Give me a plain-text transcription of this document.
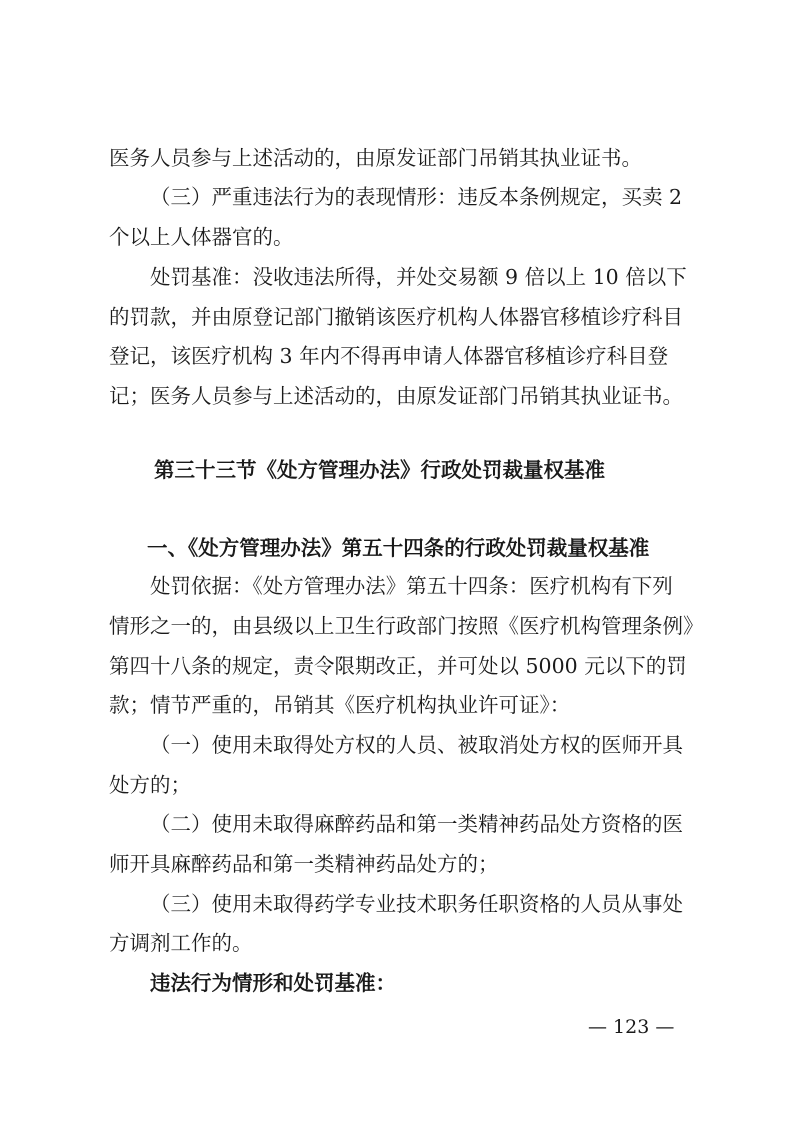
医务人员参与上述活动的，由原发证部门吊销其执业证书。

（三）严重违法行为的表现情形：违反本条例规定，买卖 2

个以上人体器官的。

处罚基准：没收违法所得，并处交易额 9 倍以上 10 倍以下

的罚款，并由原登记部门撤销该医疗机构人体器官移植诊疗科目

登记，该医疗机构 3 年内不得再申请人体器官移植诊疗科目登

记；医务人员参与上述活动的，由原发证部门吊销其执业证书。

第三十三节《处方管理办法》行政处罚裁量权基准
一、《处方管理办法》第五十四条的行政处罚裁量权基准

处罚依据：《处方管理办法》第五十四条：医疗机构有下列

情形之一的，由县级以上卫生行政部门按照《医疗机构管理条例》

第四十八条的规定，责令限期改正，并可处以 5000 元以下的罚

款；情节严重的，吊销其《医疗机构执业许可证》：

（一）使用未取得处方权的人员、被取消处方权的医师开具

处方的；

（二）使用未取得麻醉药品和第一类精神药品处方资格的医

师开具麻醉药品和第一类精神药品处方的；

（三）使用未取得药学专业技术职务任职资格的人员从事处

方调剂工作的。

违法行为情形和处罚基准：

— 123 —
